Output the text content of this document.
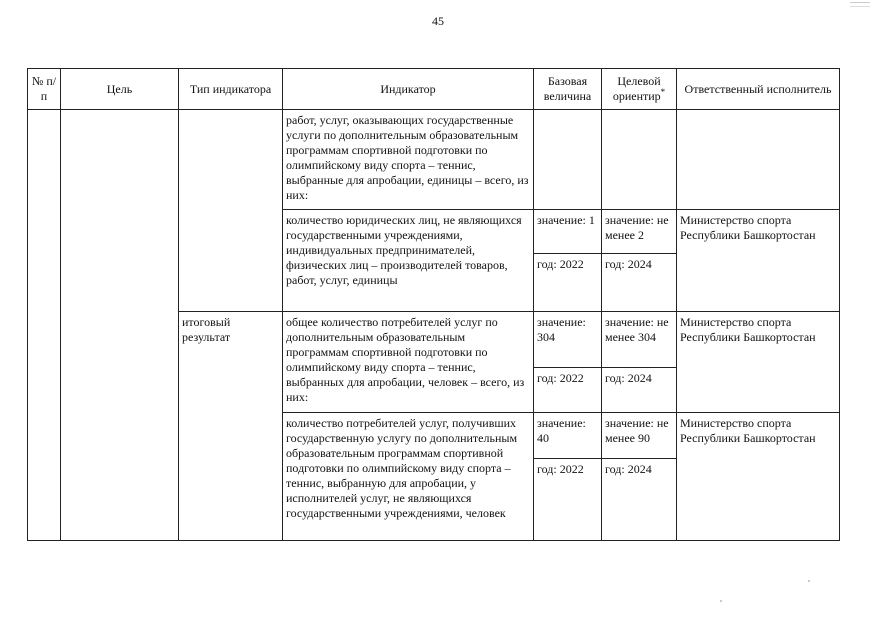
45
№ п/п	Цель	Тип индикатора	Индикатор	Базовая величина	Целевой ориентир*	Ответственный исполнитель
			работ, услуг, оказывающих государственные услуги по дополнительным образовательным программам спортивной подготовки по олимпийскому виду спорта – теннис, выбранные для апробации, единицы – всего, из них:			
			количество юридических лиц, не являющихся государственными учреждениями, индивидуальных предпринимателей, физических лиц – производителей товаров, работ, услуг, единицы	значение: 1	значение: не менее 2	Министерство спорта Республики Башкортостан
				год: 2022	год: 2024	
		итоговый результат	общее количество потребителей услуг по дополнительным образовательным программам спортивной подготовки по олимпийскому виду спорта – теннис, выбранных для апробации, человек – всего, из них:	значение: 304	значение: не менее 304	Министерство спорта Республики Башкортостан
				год: 2022	год: 2024	
			количество потребителей услуг, получивших государственную услугу по дополнительным образовательным программам спортивной подготовки по олимпийскому виду спорта – теннис, выбранную для апробации, у исполнителей услуг, не являющихся государственными учреждениями, человек	значение: 40	значение: не менее 90	Министерство спорта Республики Башкортостан
				год: 2022	год: 2024	
